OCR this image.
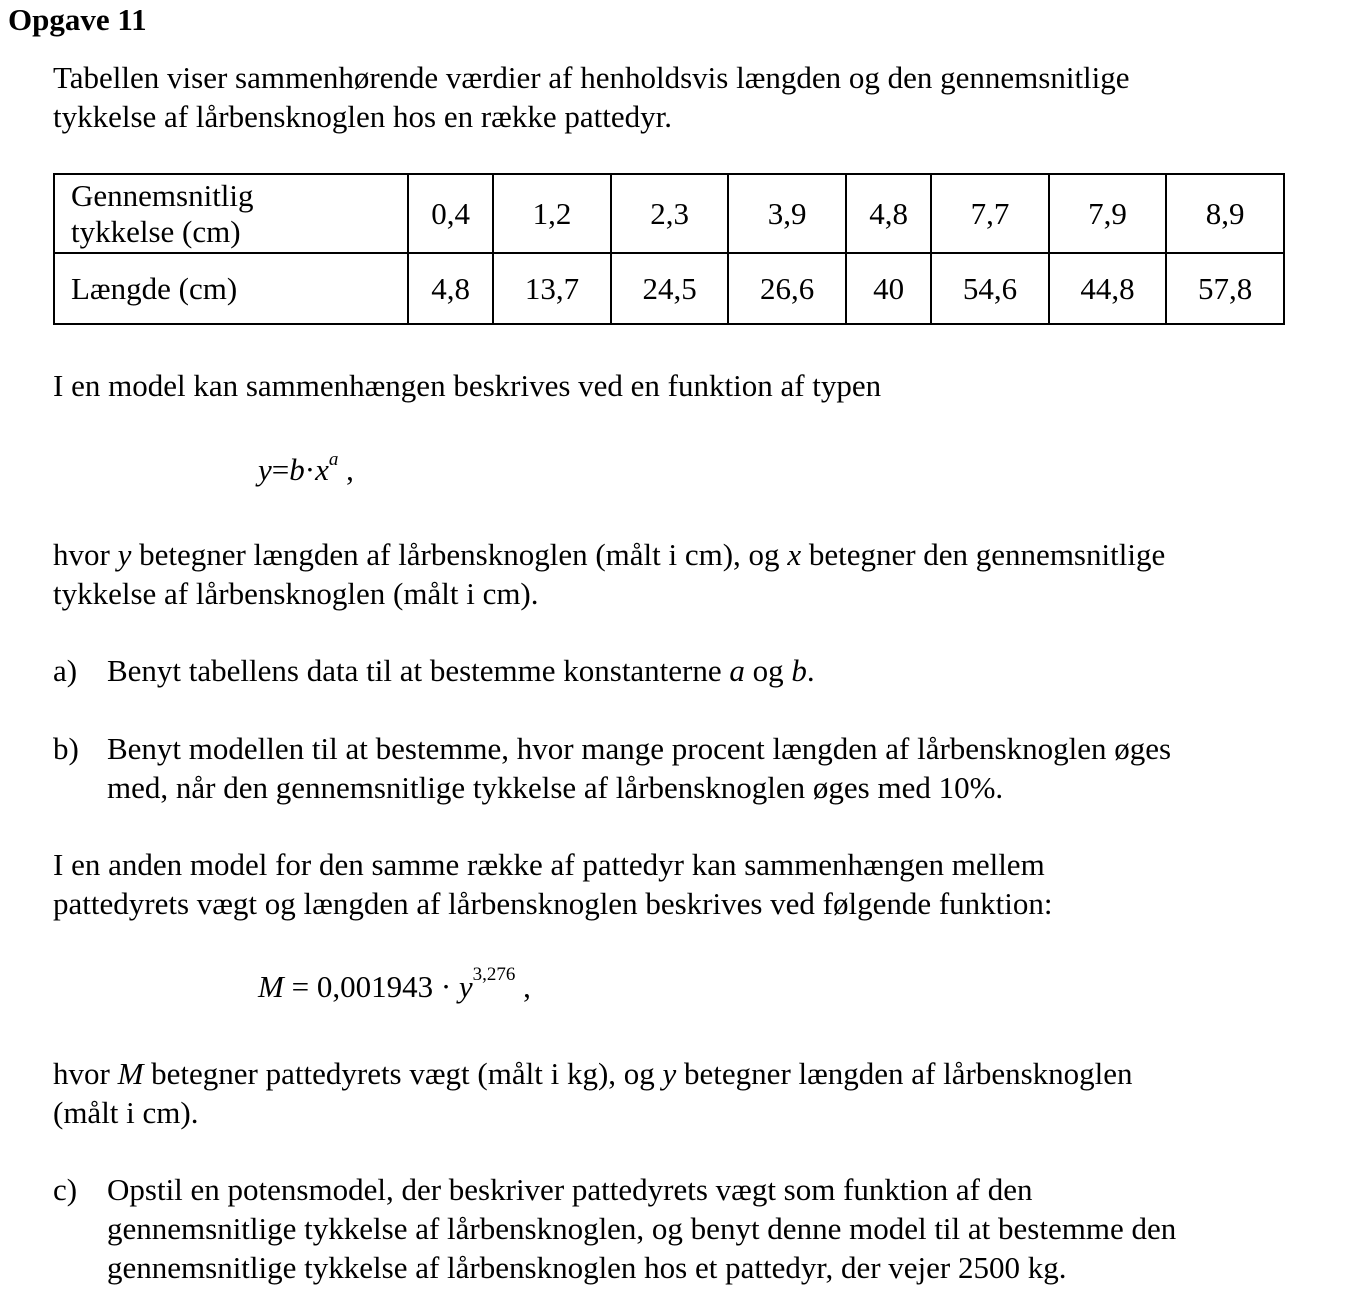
Opgave 11
Tabellen viser sammenhørende værdier af henholdsvis længden og den gennemsnitlige
tykkelse af lårbensknoglen hos en række pattedyr.
Gennemsnitlig
tykkelse (cm)	0,4	1,2	2,3	3,9	4,8	7,7	7,9	8,9
Længde (cm)	4,8	13,7	24,5	26,6	40	54,6	44,8	57,8
I en model kan sammenhængen beskrives ved en funktion af typen
$y=b\cdot x^a$ ,
hvor y betegner længden af lårbensknoglen (målt i cm), og x betegner den gennemsnitlige
tykkelse af lårbensknoglen (målt i cm).
a) Benyt tabellens data til at bestemme konstanterne a og b.
b) Benyt modellen til at bestemme, hvor mange procent længden af lårbensknoglen øges
med, når den gennemsnitlige tykkelse af lårbensknoglen øges med 10%.
I en anden model for den samme række af pattedyr kan sammenhængen mellem
pattedyrets vægt og længden af lårbensknoglen beskrives ved følgende funktion:
$M = 0,001943 \cdot y^{3,276}$ ,
hvor M betegner pattedyrets vægt (målt i kg), og y betegner længden af lårbensknoglen
(målt i cm).
c) Opstil en potensmodel, der beskriver pattedyrets vægt som funktion af den
gennemsnitlige tykkelse af lårbensknoglen, og benyt denne model til at bestemme den
gennemsnitlige tykkelse af lårbensknoglen hos et pattedyr, der vejer 2500 kg.
